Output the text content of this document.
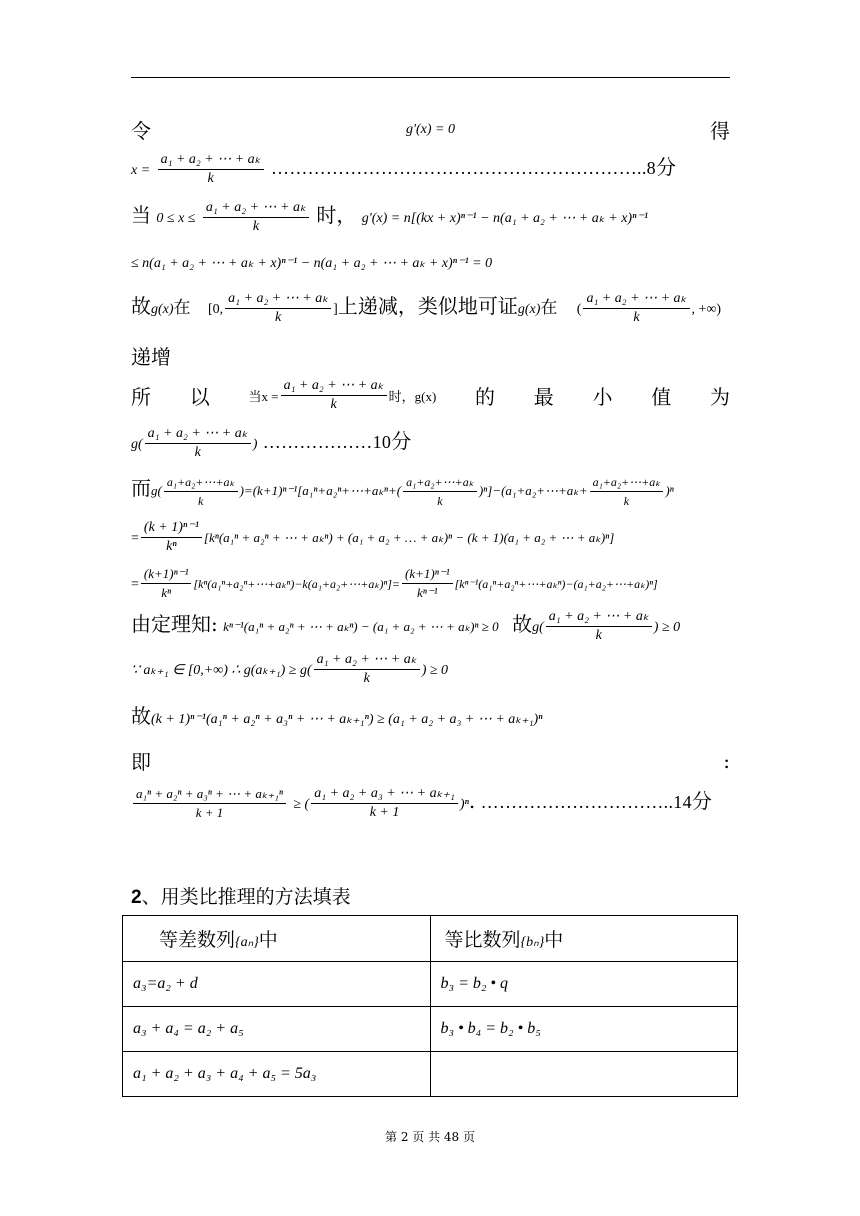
令	g'(x) = 0	得
$x = \frac{\text{a₁ + a₂ + ⋯ + aₖ}}{k}$ ……………………………………………………..8分
当 $0 \le x \le \frac{\text{a₁ + a₂ + ⋯ + aₖ}}{k}$ 时， g'(x) = n[(kx + x)ⁿ⁻¹ − n(a₁ + a₂ + ⋯ + aₖ + x)ⁿ⁻¹
≤ n(a₁ + a₂ + ⋯ + aₖ + x)ⁿ⁻¹ − n(a₁ + a₂ + ⋯ + aₖ + x)ⁿ⁻¹ = 0
故g(x)在 [0, $\frac{\text{a₁ + a₂ + ⋯ + aₖ}}{k}$ ]上递减，类似地可证g(x)在 ( $\frac{\text{a₁ + a₂ + ⋯ + aₖ}}{k}$ , +∞)
递增
所 以	当$x = \frac{\text{a₁ + a₂ + ⋯ + aₖ}}{k}$ 时，g(x) 的 最 小 值 为
$g( \frac{\text{a₁ + a₂ + ⋯ + aₖ}}{k}$ ) ………………10分
而$g( \frac{\text{a₁+a₂+⋯+aₖ}}{k}$ )=(k+1)ⁿ⁻¹[a₁ⁿ+a₂ⁿ+⋯+aₖⁿ+( $\frac{\text{a₁+a₂+⋯+aₖ}}{k}$ )ⁿ]−(a₁+a₂+⋯+aₖ+ $\frac{\text{a₁+a₂+⋯+aₖ}}{k} )^n$
= $\frac{\text{(k + 1)ⁿ⁻¹}}{\text{kⁿ}} [k^n(a_1^n + a_2^n$ + ⋯ + aₖⁿ) + (a₁ + a₂ + … + aₖ)ⁿ − (k + 1)(a₁ + a₂ + ⋯ + aₖ)ⁿ]
= $\frac{\text{(k+1)ⁿ⁻¹}}{\text{kⁿ}}$ [kⁿ(a₁ⁿ+a₂ⁿ+⋯+aₖⁿ)−k(a₁+a₂+⋯+aₖ)ⁿ]= $\frac{\text{(k+1)ⁿ⁻¹}}{\text{kⁿ⁻¹}}$ [kⁿ⁻¹(a₁ⁿ+a₂ⁿ+⋯+aₖⁿ)−(a₁+a₂+⋯+aₖ)ⁿ]
由定理知: kⁿ⁻¹(a₁ⁿ + a₂ⁿ + ⋯ + aₖⁿ) − (a₁ + a₂ + ⋯ + aₖ)ⁿ ≥ 0 故$g( \frac{\text{a₁ + a₂ + ⋯ + aₖ}}{k}$ ) ≥ 0
∵ aₖ₊₁ ∈ [0,+∞) ∴ $g(a_{k+1}) \ge g( \frac{\text{a₁ + a₂ + ⋯ + aₖ}}{k}$ ) ≥ 0
故(k + 1)ⁿ⁻¹(a₁ⁿ + a₂ⁿ + a₃ⁿ + ⋯ + aₖ₊₁ⁿ) ≥ (a₁ + a₂ + a₃ + ⋯ + aₖ₊₁)ⁿ
即	:
$\frac{\text{a₁ⁿ + a₂ⁿ + a₃ⁿ + ⋯ + aₖ₊₁ⁿ}}{k + 1}$ ≥ ( $\frac{\text{a₁ + a₂ + a₃ + ⋯ + aₖ₊₁}}{k + 1} )^n$. …………………………..14分
2、用类比推理的方法填表
等差数列{aₙ}中	等比数列{bₙ}中
a₃=a₂ + d	b₃ = b₂ • q
a₃ + a₄ = a₂ + a₅	b₃ • b₄ = b₂ • b₅
a₁ + a₂ + a₃ + a₄ + a₅ = 5a₃	
第 2 页 共 48 页
